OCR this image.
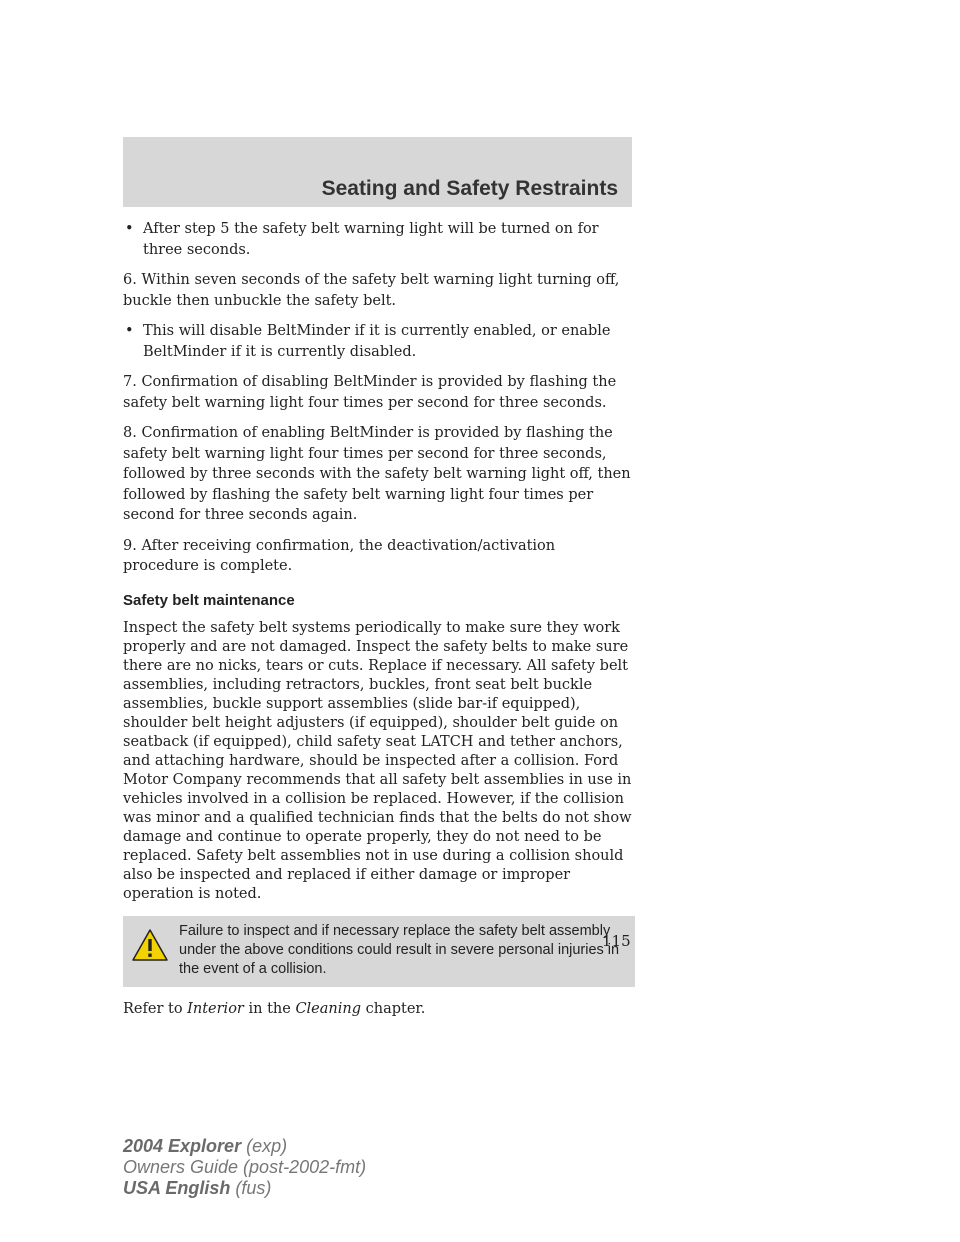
Seating and Safety Restraints
• After step 5 the safety belt warning light will be turned on for three seconds.

6. Within seven seconds of the safety belt warning light turning off, buckle then unbuckle the safety belt.

• This will disable BeltMinder if it is currently enabled, or enable BeltMinder if it is currently disabled.

7. Confirmation of disabling BeltMinder is provided by flashing the safety belt warning light four times per second for three seconds.

8. Confirmation of enabling BeltMinder is provided by flashing the safety belt warning light four times per second for three seconds, followed by three seconds with the safety belt warning light off, then followed by flashing the safety belt warning light four times per second for three seconds again.

9. After receiving confirmation, the deactivation/activation procedure is complete.

Safety belt maintenance

Inspect the safety belt systems periodically to make sure they work properly and are not damaged. Inspect the safety belts to make sure there are no nicks, tears or cuts. Replace if necessary. All safety belt assemblies, including retractors, buckles, front seat belt buckle assemblies, buckle support assemblies (slide bar-if equipped), shoulder belt height adjusters (if equipped), shoulder belt guide on seatback (if equipped), child safety seat LATCH and tether anchors, and attaching hardware, should be inspected after a collision. Ford Motor Company recommends that all safety belt assemblies in use in vehicles involved in a collision be replaced. However, if the collision was minor and a qualified technician finds that the belts do not show damage and continue to operate properly, they do not need to be replaced. Safety belt assemblies not in use during a collision should also be inspected and replaced if either damage or improper operation is noted.

Failure to inspect and if necessary replace the safety belt assembly under the above conditions could result in severe personal injuries in the event of a collision.

Refer to Interior in the Cleaning chapter.

115
2004 Explorer (exp)
Owners Guide (post-2002-fmt)
USA English (fus)
